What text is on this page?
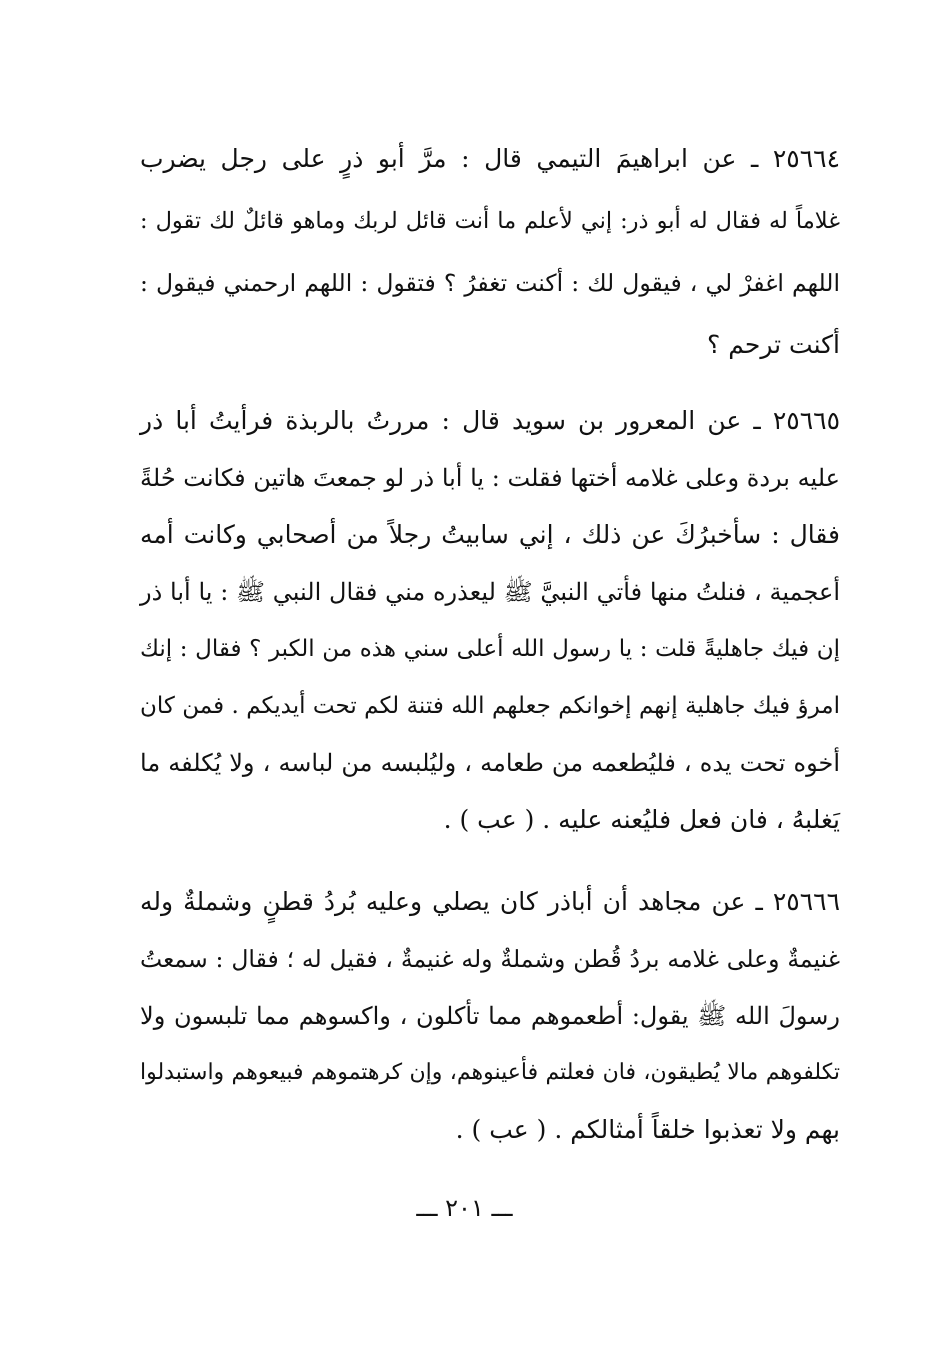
٢٥٦٦٤ ـ عن ابراهيمَ التيمي قال : مرَّ أبو ذرٍ على رجل يضرب
غلاماً له فقال له أبو ذر: إني لأعلم ما أنت قائل لربك وماهو قائلٌ لك تقول :
اللهم اغفرْ لي ، فيقول لك : أكنت تغفرُ ؟ فتقول : اللهم ارحمني فيقول :
أكنت ترحم ؟
٢٥٦٦٥ ـ عن المعرور بن سويد قال : مررتُ بالربذة فرأيتُ أبا ذر
عليه بردة وعلى غلامه أختها فقلت : يا أبا ذر لو جمعتَ هاتين فكانت حُلةً
فقال : سأخبرُكَ عن ذلك ، إني سابيتُ رجلاً من أصحابي وكانت أمه
أعجمية ، فنلتُ منها فأتي النبيَّ ﷺ ليعذره مني فقال النبي ﷺ : يا أبا ذر
إن فيك جاهليةً قلت : يا رسول الله أعلى سني هذه من الكبر ؟ فقال : إنك
امرؤ فيك جاهلية إنهم إخوانكم جعلهم الله فتنة لكم تحت أيديكم . فمن كان
أخوه تحت يده ، فليُطعمه من طعامه ، وليُلبسه من لباسه ، ولا يُكلفه ما
يَغلبهُ ، فان فعل فليُعنه عليه . ( عب ) .
٢٥٦٦٦ ـ عن مجاهد أن أباذر كان يصلي وعليه بُردُ قطنٍ وشملةٌ وله
غنيمةٌ وعلى غلامه بردُ قُطن وشملةٌ وله غنيمةٌ ، فقيل له ؛ فقال : سمعتُ
رسولَ الله ﷺ يقول: أطعموهم مما تأكلون ، واكسوهم مما تلبسون ولا
تكلفوهم مالا يُطيقون، فان فعلتم فأعينوهم، وإن كرهتموهم فبيعوهم واستبدلوا
بهم ولا تعذبوا خلقاً أمثالكم . ( عب ) .
ـــ ٢٠١ ـــ
